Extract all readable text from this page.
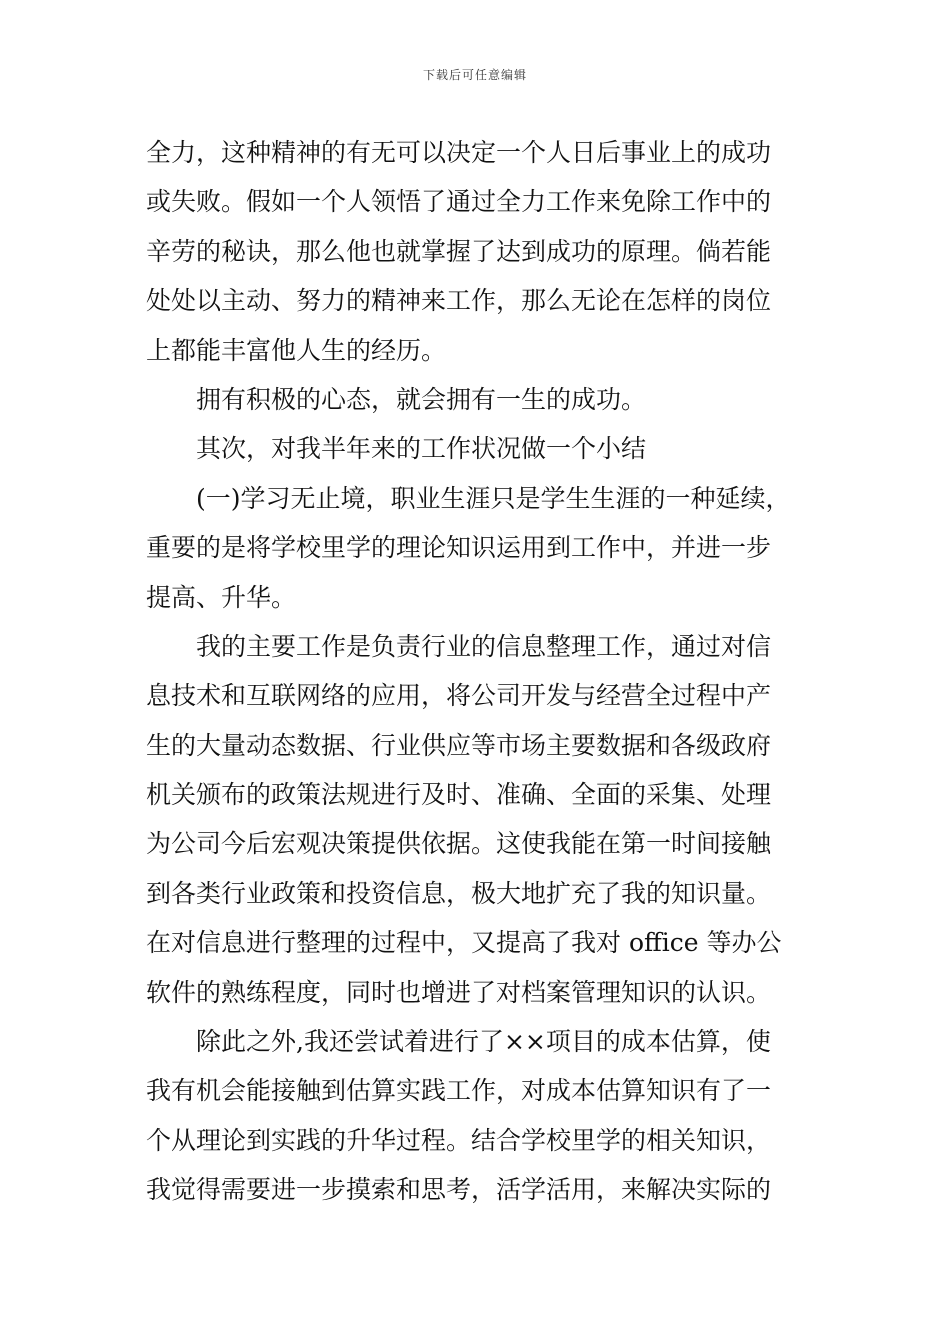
下载后可任意编辑
全力，这种精神的有无可以决定一个人日后事业上的成功
或失败。假如一个人领悟了通过全力工作来免除工作中的
辛劳的秘诀，那么他也就掌握了达到成功的原理。倘若能
处处以主动、努力的精神来工作，那么无论在怎样的岗位
上都能丰富他人生的经历。
拥有积极的心态，就会拥有一生的成功。
其次，对我半年来的工作状况做一个小结
(一)学习无止境，职业生涯只是学生生涯的一种延续，
重要的是将学校里学的理论知识运用到工作中，并进一步
提高、升华。
我的主要工作是负责行业的信息整理工作，通过对信
息技术和互联网络的应用，将公司开发与经营全过程中产
生的大量动态数据、行业供应等市场主要数据和各级政府
机关颁布的政策法规进行及时、准确、全面的采集、处理
为公司今后宏观决策提供依据。这使我能在第一时间接触
到各类行业政策和投资信息，极大地扩充了我的知识量。
在对信息进行整理的过程中，又提高了我对 office 等办公
软件的熟练程度，同时也增进了对档案管理知识的认识。
除此之外,我还尝试着进行了××项目的成本估算，使
我有机会能接触到估算实践工作，对成本估算知识有了一
个从理论到实践的升华过程。结合学校里学的相关知识，
我觉得需要进一步摸索和思考，活学活用，来解决实际的
